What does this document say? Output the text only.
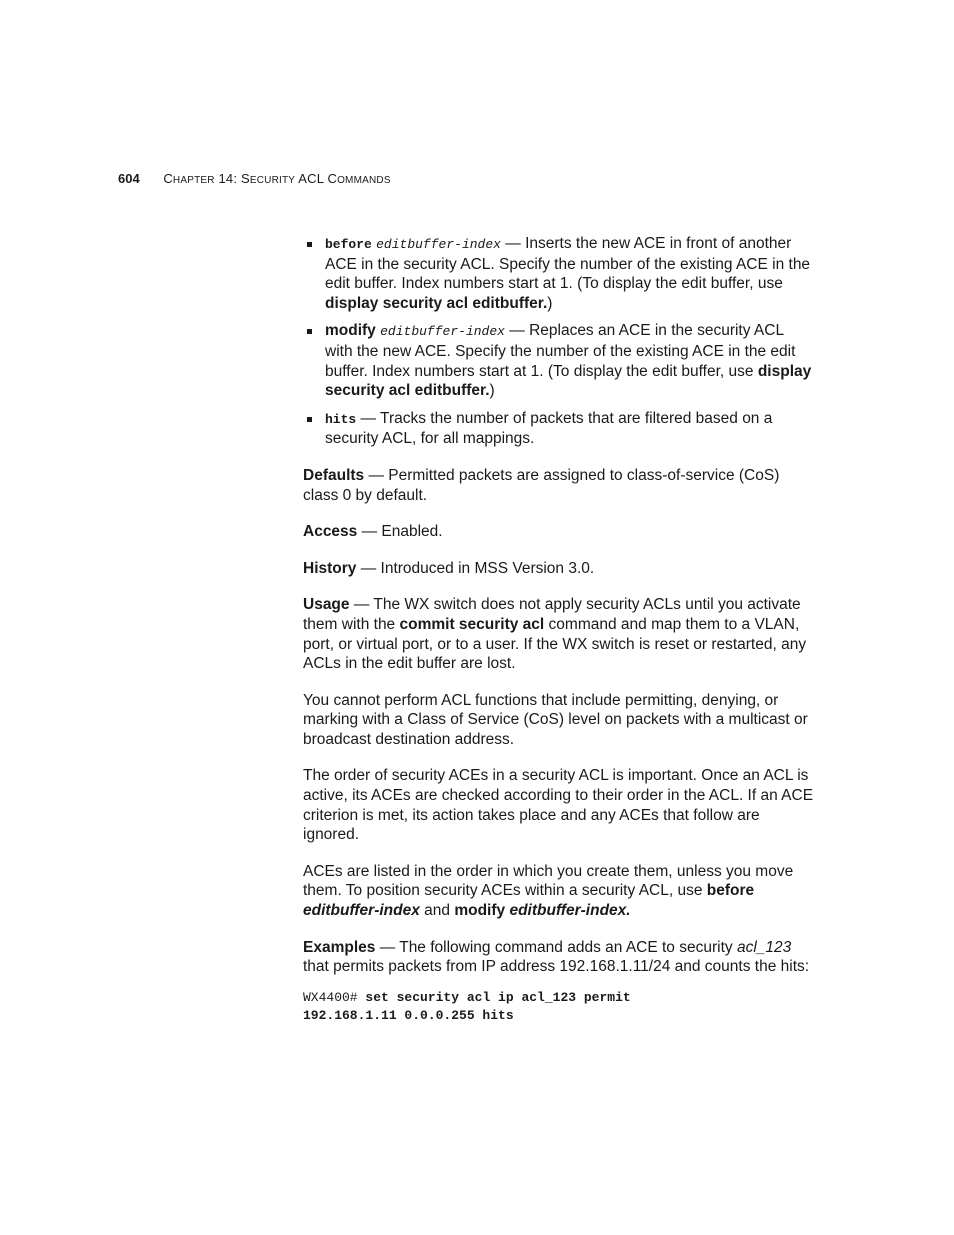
604 CHAPTER 14: SECURITY ACL COMMANDS
before editbuffer-index — Inserts the new ACE in front of another ACE in the security ACL. Specify the number of the existing ACE in the edit buffer. Index numbers start at 1. (To display the edit buffer, use display security acl editbuffer.)
modify editbuffer-index — Replaces an ACE in the security ACL with the new ACE. Specify the number of the existing ACE in the edit buffer. Index numbers start at 1. (To display the edit buffer, use display security acl editbuffer.)
hits — Tracks the number of packets that are filtered based on a security ACL, for all mappings.

Defaults — Permitted packets are assigned to class-of-service (CoS) class 0 by default.

Access — Enabled.

History — Introduced in MSS Version 3.0.

Usage — The WX switch does not apply security ACLs until you activate them with the commit security acl command and map them to a VLAN, port, or virtual port, or to a user. If the WX switch is reset or restarted, any ACLs in the edit buffer are lost.

You cannot perform ACL functions that include permitting, denying, or marking with a Class of Service (CoS) level on packets with a multicast or broadcast destination address.

The order of security ACEs in a security ACL is important. Once an ACL is active, its ACEs are checked according to their order in the ACL. If an ACE criterion is met, its action takes place and any ACEs that follow are ignored.

ACEs are listed in the order in which you create them, unless you move them. To position security ACEs within a security ACL, use before editbuffer-index and modify editbuffer-index.

Examples — The following command adds an ACE to security acl_123 that permits packets from IP address 192.168.1.11/24 and counts the hits:

WX4400# set security acl ip acl_123 permit
192.168.1.11 0.0.0.255 hits
